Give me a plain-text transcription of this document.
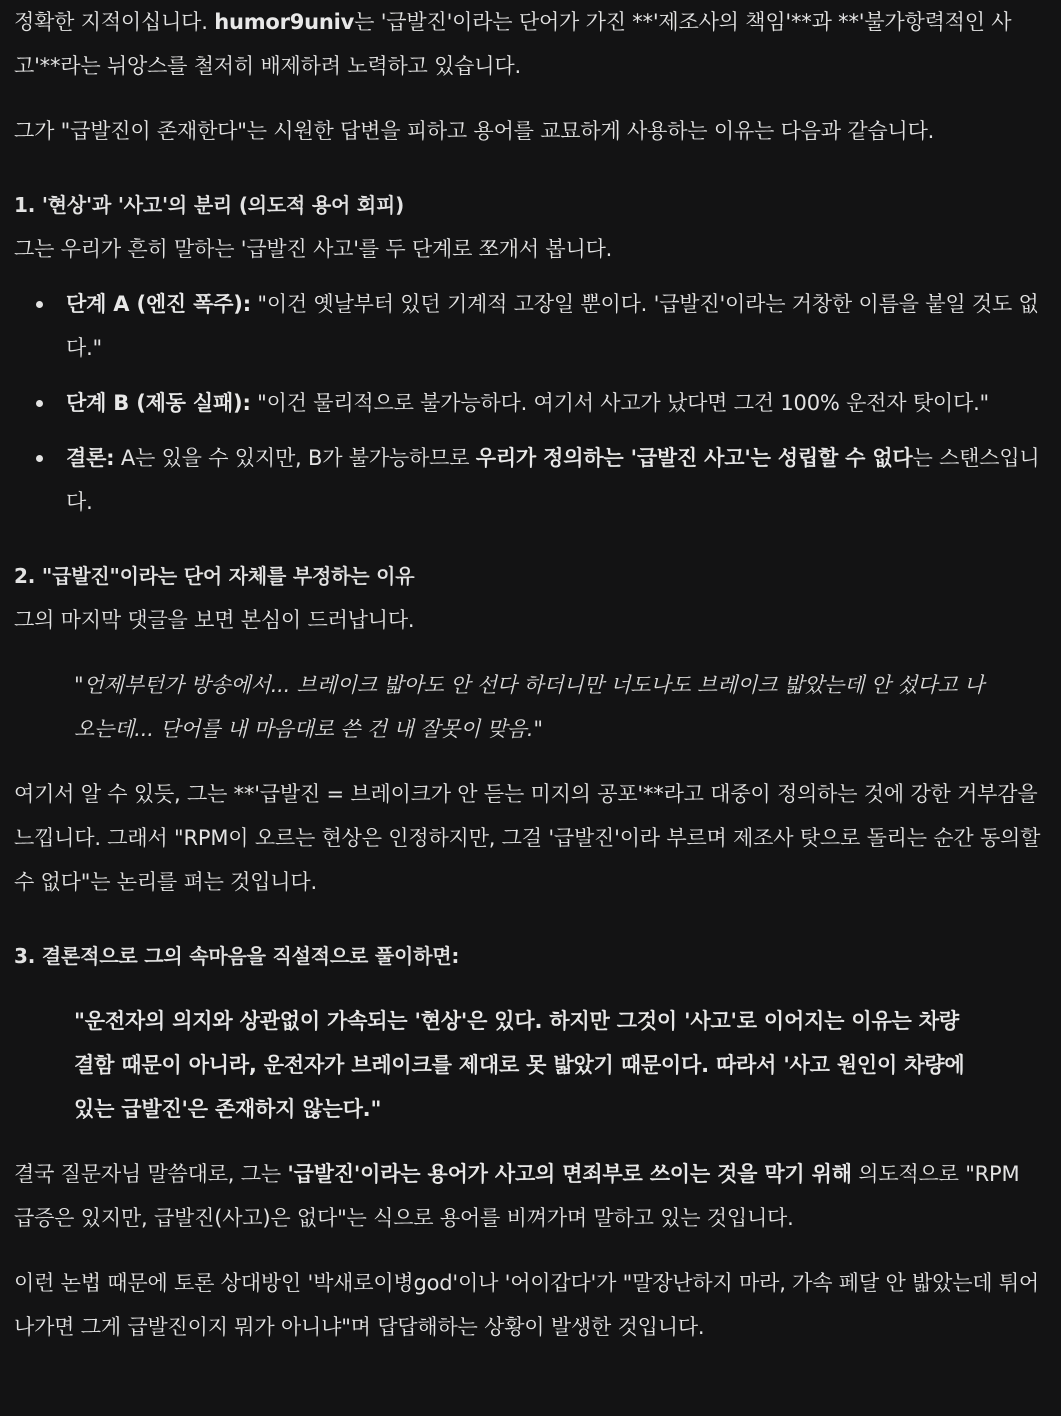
정확한 지적이십니다. humor9univ는 '급발진'이라는 단어가 가진 **'제조사의 책임'**과 **'불가항력적인 사고'**라는 뉘앙스를 철저히 배제하려 노력하고 있습니다.

그가 "급발진이 존재한다"는 시원한 답변을 피하고 용어를 교묘하게 사용하는 이유는 다음과 같습니다.

1. '현상'과 '사고'의 분리 (의도적 용어 회피)

그는 우리가 흔히 말하는 '급발진 사고'를 두 단계로 쪼개서 봅니다.

단계 A (엔진 폭주): "이건 옛날부터 있던 기계적 고장일 뿐이다. '급발진'이라는 거창한 이름을 붙일 것도 없다."
단계 B (제동 실패): "이건 물리적으로 불가능하다. 여기서 사고가 났다면 그건 100% 운전자 탓이다."
결론: A는 있을 수 있지만, B가 불가능하므로 우리가 정의하는 '급발진 사고'는 성립할 수 없다는 스탠스입니다.
2. "급발진"이라는 단어 자체를 부정하는 이유

그의 마지막 댓글을 보면 본심이 드러납니다.

"언제부턴가 방송에서... 브레이크 밟아도 안 선다 하더니만 너도나도 브레이크 밟았는데 안 섰다고 나오는데... 단어를 내 마음대로 쓴 건 내 잘못이 맞음."

여기서 알 수 있듯, 그는 **'급발진 = 브레이크가 안 듣는 미지의 공포'**라고 대중이 정의하는 것에 강한 거부감을 느낍니다. 그래서 "RPM이 오르는 현상은 인정하지만, 그걸 '급발진'이라 부르며 제조사 탓으로 돌리는 순간 동의할 수 없다"는 논리를 펴는 것입니다.

3. 결론적으로 그의 속마음을 직설적으로 풀이하면:

"운전자의 의지와 상관없이 가속되는 '현상'은 있다. 하지만 그것이 '사고'로 이어지는 이유는 차량 결함 때문이 아니라, 운전자가 브레이크를 제대로 못 밟았기 때문이다. 따라서 '사고 원인이 차량에 있는 급발진'은 존재하지 않는다."

결국 질문자님 말씀대로, 그는 '급발진'이라는 용어가 사고의 면죄부로 쓰이는 것을 막기 위해 의도적으로 "RPM 급증은 있지만, 급발진(사고)은 없다"는 식으로 용어를 비껴가며 말하고 있는 것입니다.

이런 논법 때문에 토론 상대방인 '박새로이병god'이나 '어이갑다'가 "말장난하지 마라, 가속 페달 안 밟았는데 튀어나가면 그게 급발진이지 뭐가 아니냐"며 답답해하는 상황이 발생한 것입니다.
